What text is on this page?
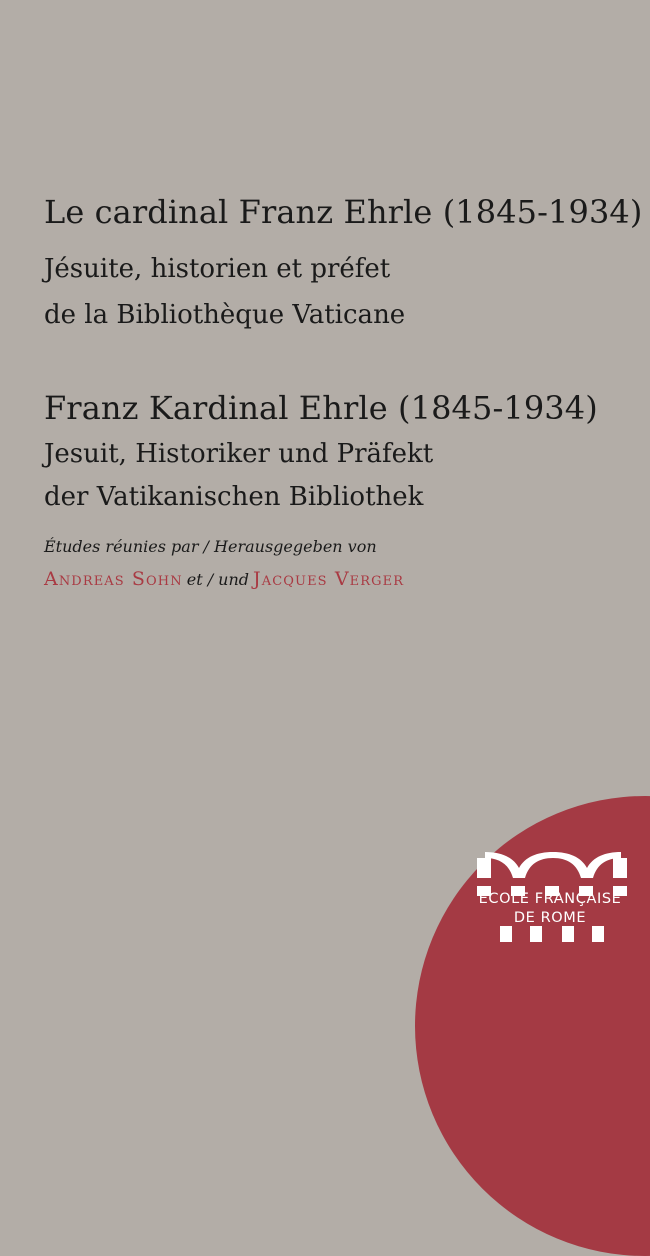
Le cardinal Franz Ehrle (1845-1934)
Jésuite, historien et préfet
de la Bibliothèque Vaticane
Franz Kardinal Ehrle (1845-1934)
Jesuit, Historiker und Präfekt
der Vatikanischen Bibliothek
Études réunies par / Herausgegeben von
Andreas Sohn et / und Jacques Verger
ÉCOLE FRANÇAISE
DE ROME
